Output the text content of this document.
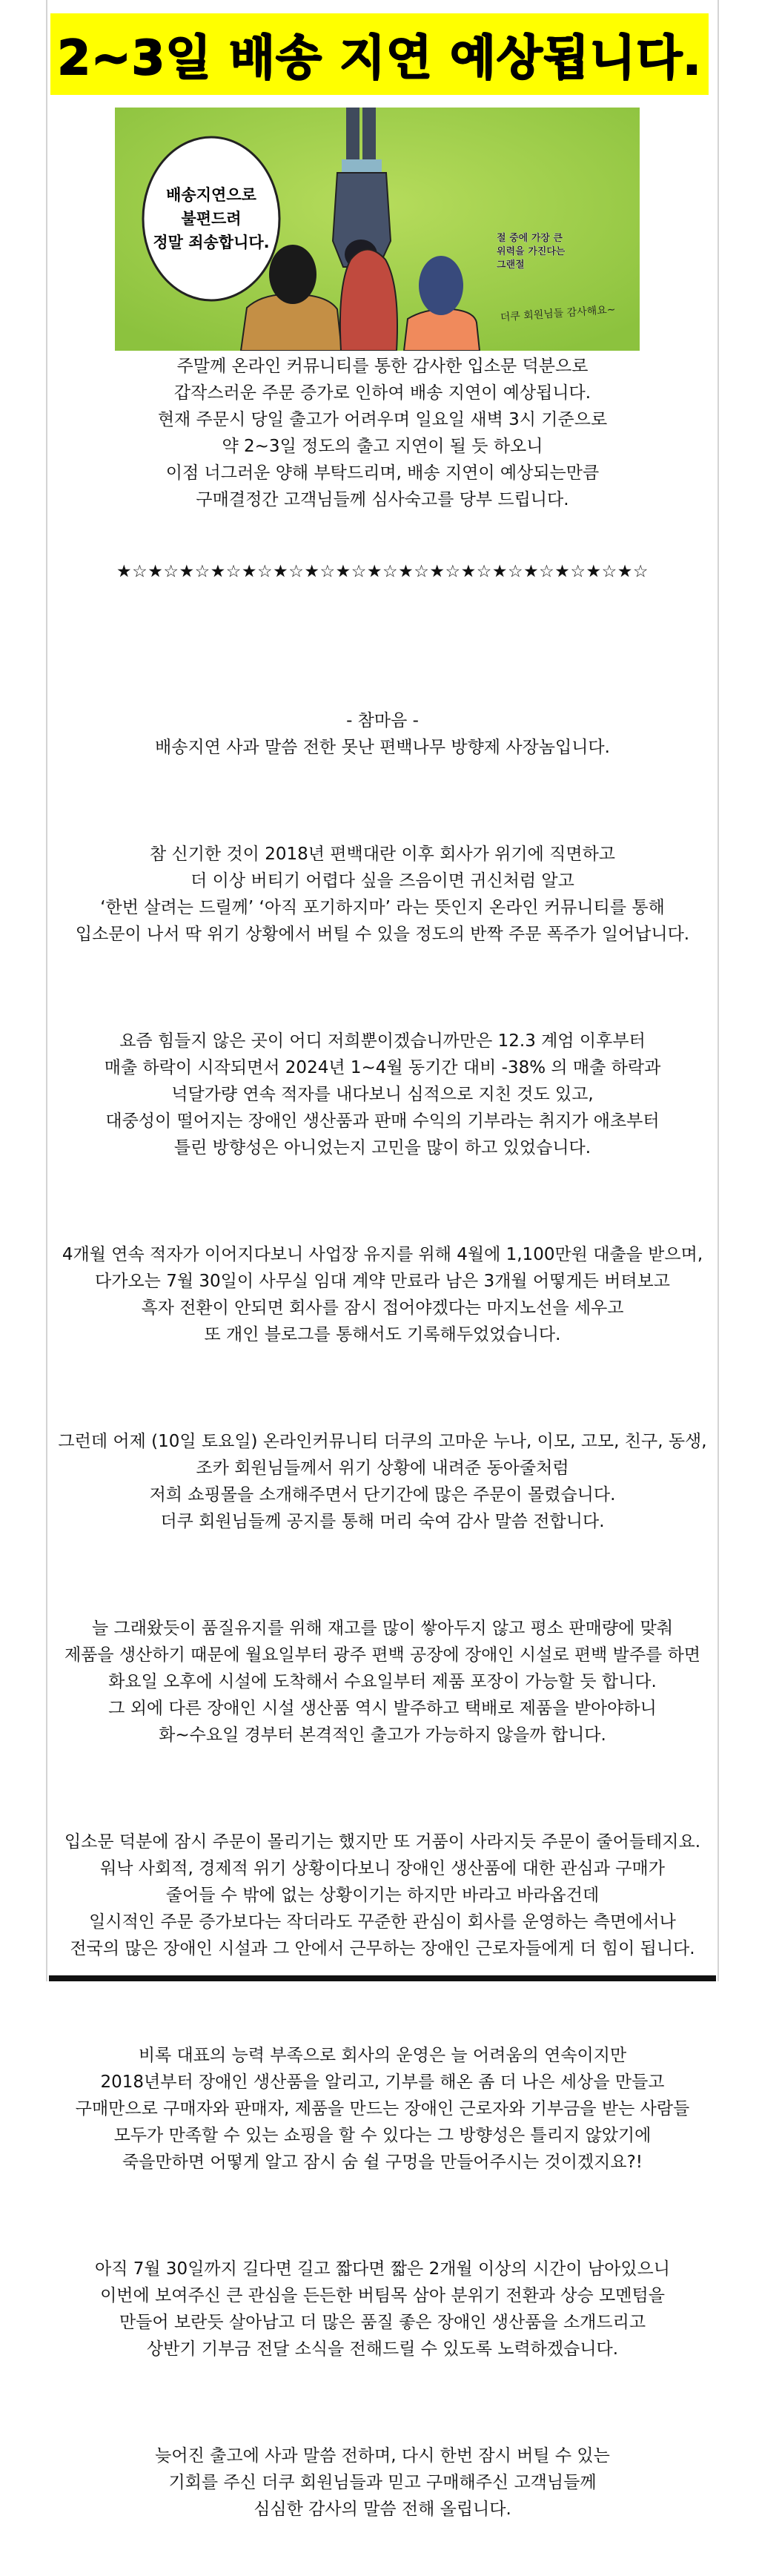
2~3일 배송 지연 예상됩니다.
배송지연으로
불편드려
정말 죄송합니다.	절 중에 가장 큰
위력을 가진다는
그랜절
더쿠 회원님들 감사해요~
주말께 온라인 커뮤니티를 통한 감사한 입소문 덕분으로
갑작스러운 주문 증가로 인하여 배송 지연이 예상됩니다.
현재 주문시 당일 출고가 어려우며 일요일 새벽 3시 기준으로
약 2~3일 정도의 출고 지연이 될 듯 하오니
이점 너그러운 양해 부탁드리며, 배송 지연이 예상되는만큼
구매결정간 고객님들께 심사숙고를 당부 드립니다.
★☆★☆★☆★☆★☆★☆★☆★☆★☆★☆★☆★☆★☆★☆★☆★☆★☆

- 참마음 -
배송지연 사과 말씀 전한 못난 편백나무 방향제 사장놈입니다.

참 신기한 것이 2018년 편백대란 이후 회사가 위기에 직면하고
더 이상 버티기 어렵다 싶을 즈음이면 귀신처럼 알고
‘한번 살려는 드릴께’ ‘아직 포기하지마’ 라는 뜻인지 온라인 커뮤니티를 통해
입소문이 나서 딱 위기 상황에서 버틸 수 있을 정도의 반짝 주문 폭주가 일어납니다.

요즘 힘들지 않은 곳이 어디 저희뿐이겠습니까만은 12.3 계엄 이후부터
매출 하락이 시작되면서 2024년 1~4월 동기간 대비 -38% 의 매출 하락과
넉달가량 연속 적자를 내다보니 심적으로 지친 것도 있고,
대중성이 떨어지는 장애인 생산품과 판매 수익의 기부라는 취지가 애초부터
틀린 방향성은 아니었는지 고민을 많이 하고 있었습니다.

4개월 연속 적자가 이어지다보니 사업장 유지를 위해 4월에 1,100만원 대출을 받으며,
다가오는 7월 30일이 사무실 임대 계약 만료라 남은 3개월 어떻게든 버텨보고
흑자 전환이 안되면 회사를 잠시 접어야겠다는 마지노선을 세우고
또 개인 블로그를 통해서도 기록해두었었습니다.

그런데 어제 (10일 토요일) 온라인커뮤니티 더쿠의 고마운 누나, 이모, 고모, 친구, 동생,
조카 회원님들께서 위기 상황에 내려준 동아줄처럼
저희 쇼핑몰을 소개해주면서 단기간에 많은 주문이 몰렸습니다.
더쿠 회원님들께 공지를 통해 머리 숙여 감사 말씀 전합니다.

늘 그래왔듯이 품질유지를 위해 재고를 많이 쌓아두지 않고 평소 판매량에 맞춰
제품을 생산하기 때문에 월요일부터 광주 편백 공장에 장애인 시설로 편백 발주를 하면
화요일 오후에 시설에 도착해서 수요일부터 제품 포장이 가능할 듯 합니다.
그 외에 다른 장애인 시설 생산품 역시 발주하고 택배로 제품을 받아야하니
화~수요일 경부터 본격적인 출고가 가능하지 않을까 합니다.

입소문 덕분에 잠시 주문이 몰리기는 했지만 또 거품이 사라지듯 주문이 줄어들테지요.
워낙 사회적, 경제적 위기 상황이다보니 장애인 생산품에 대한 관심과 구매가
줄어들 수 밖에 없는 상황이기는 하지만 바라고 바라옵건데
일시적인 주문 증가보다는 작더라도 꾸준한 관심이 회사를 운영하는 측면에서나
전국의 많은 장애인 시설과 그 안에서 근무하는 장애인 근로자들에게 더 힘이 됩니다.

비록 대표의 능력 부족으로 회사의 운영은 늘 어려움의 연속이지만
2018년부터 장애인 생산품을 알리고, 기부를 해온 좀 더 나은 세상을 만들고
구매만으로 구매자와 판매자, 제품을 만드는 장애인 근로자와 기부금을 받는 사람들
모두가 만족할 수 있는 쇼핑을 할 수 있다는 그 방향성은 틀리지 않았기에
죽을만하면 어떻게 알고 잠시 숨 쉴 구멍을 만들어주시는 것이겠지요?!

아직 7월 30일까지 길다면 길고 짧다면 짧은 2개월 이상의 시간이 남아있으니
이번에 보여주신 큰 관심을 든든한 버팀목 삼아 분위기 전환과 상승 모멘텀을
만들어 보란듯 살아남고 더 많은 품질 좋은 장애인 생산품을 소개드리고
상반기 기부금 전달 소식을 전해드릴 수 있도록 노력하겠습니다.

늦어진 출고에 사과 말씀 전하며, 다시 한번 잠시 버틸 수 있는
기회를 주신 더쿠 회원님들과 믿고 구매해주신 고객님들께
심심한 감사의 말씀 전해 올립니다.
